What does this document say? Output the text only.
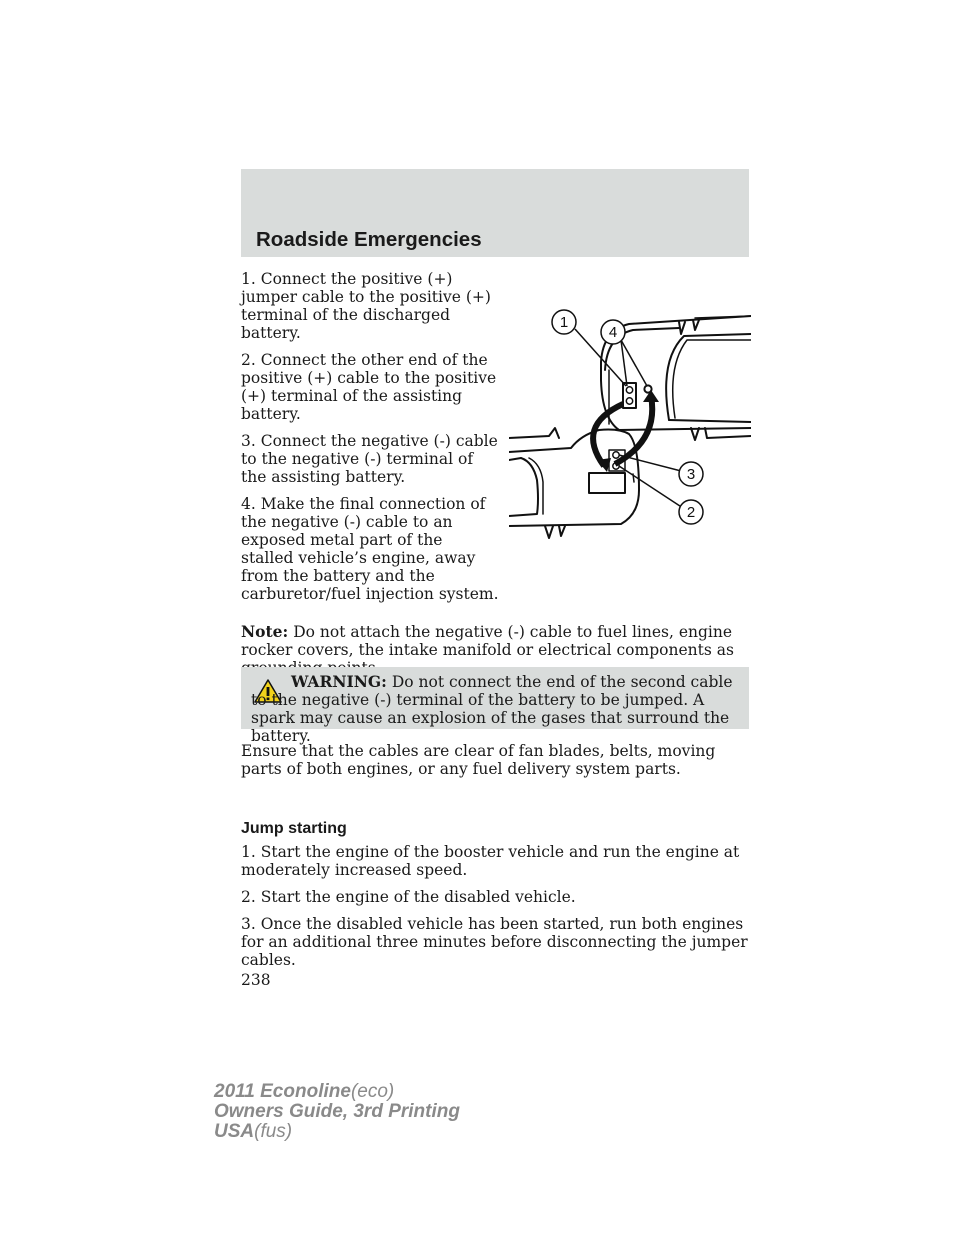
Roadside Emergencies

1. Connect the positive (+) jumper cable to the positive (+) terminal of the discharged battery.

2. Connect the other end of the positive (+) cable to the positive (+) terminal of the assisting battery.

3. Connect the negative (-) cable to the negative (-) terminal of the assisting battery.

4. Make the final connection of the negative (-) cable to an exposed metal part of the stalled vehicle’s engine, away from the battery and the carburetor/fuel injection system.

1
4
3
2

Note: Do not attach the negative (-) cable to fuel lines, engine rocker covers, the intake manifold or electrical components as

WARNING: Do not connect the end of the second cable to the negative (-) terminal of the battery to be jumped. A spark may cause an explosion of the gases that surround the battery.

Ensure that the cables are clear of fan blades, belts, moving parts of both engines, or any fuel delivery system parts.

Jump starting

1. Start the engine of the booster vehicle and run the engine at moderately increased speed.

2. Start the engine of the disabled vehicle.

3. Once the disabled vehicle has been started, run both engines for an additional three minutes before disconnecting the jumper cables.

238
2011 Econoline(eco)
Owners Guide, 3rd Printing
USA(fus)
